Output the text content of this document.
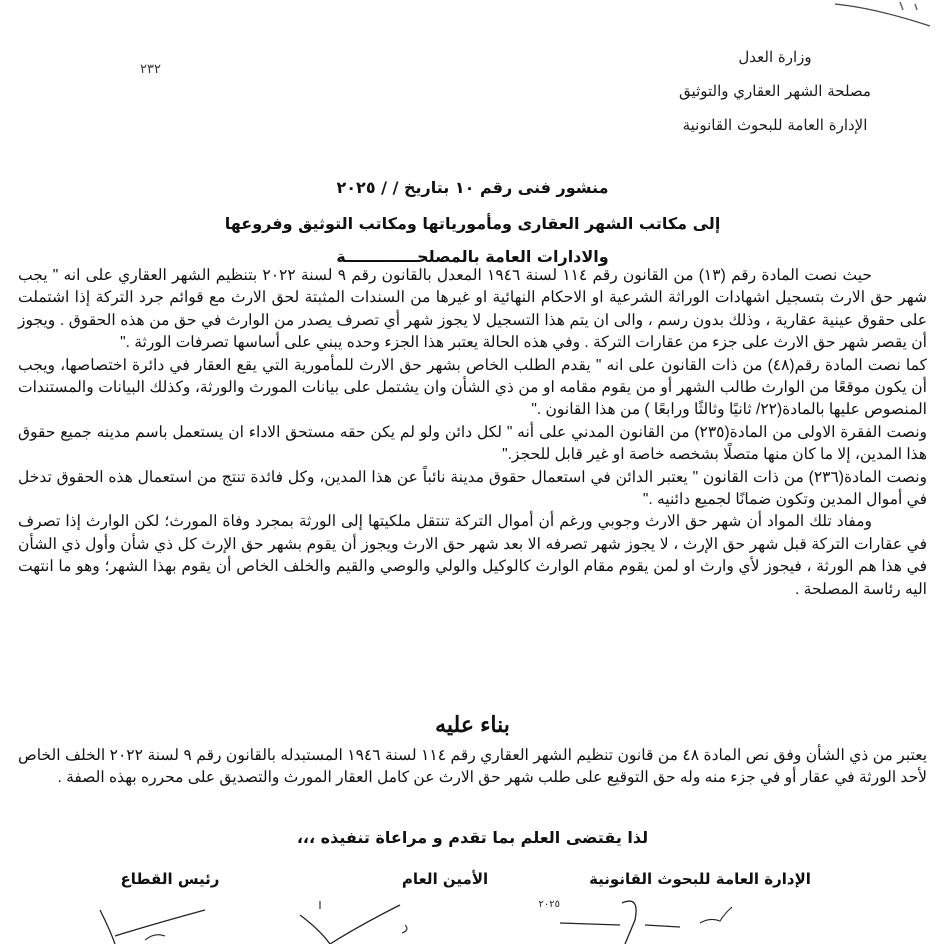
٢٣٢
وزارة العدل
مصلحة الشهر العقاري والتوثيق
الإدارة العامة للبحوث القانونية
منشور فنى رقم ١٠ بتاريخ / / ٢٠٢٥
إلى مكاتب الشهر العقارى ومأمورياتها ومكاتب التوثيق وفروعها
والادارات العامة بالمصلحـــــــــــــة

حيث نصت المادة رقم (١٣) من القانون رقم ١١٤ لسنة ١٩٤٦ المعدل بالقانون رقم ٩ لسنة ٢٠٢٢ بتنظيم الشهر العقاري على انه " يجب شهر حق الارث بتسجيل اشهادات الوراثة الشرعية او الاحكام النهائية او غيرها من السندات المثبتة لحق الارث مع قوائم جرد التركة إذا اشتملت على حقوق عينية عقارية ، وذلك بدون رسم ، والى ان يتم هذا التسجيل لا يجوز شهر أي تصرف يصدر من الوارث في حق من هذه الحقوق . ويجوز أن يقصر شهر حق الارث على جزء من عقارات التركة . وفي هذه الحالة يعتبر هذا الجزء وحده يبني على أساسها تصرفات الورثة ."

كما نصت المادة رقم(٤٨) من ذات القانون على انه " يقدم الطلب الخاص بشهر حق الارث للمأمورية التي يقع العقار في دائرة اختصاصها، ويجب أن يكون موقعًا من الوارث طالب الشهر أو من يقوم مقامه او من ذي الشأن وان يشتمل على بيانات المورث والورثة، وكذلك البيانات والمستندات المنصوص عليها بالمادة(٢٢/ ثانيًا وثالثًا ورابعًا ) من هذا القانون ."

ونصت الفقرة الاولى من المادة(٢٣٥) من القانون المدني على أنه " لكل دائن ولو لم يكن حقه مستحق الاداء ان يستعمل باسم مدينه جميع حقوق هذا المدين، إلا ما كان منها متصلًا بشخصه خاصة او غير قابل للحجز."

ونصت المادة(٢٣٦) من ذات القانون " يعتبر الدائن في استعمال حقوق مدينة نائباً عن هذا المدين، وكل فائدة تنتج من استعمال هذه الحقوق تدخل في أموال المدين وتكون ضمانًا لجميع دائنيه ."

ومفاد تلك المواد أن شهر حق الارث وجوبي ورغم أن أموال التركة تنتقل ملكيتها إلى الورثة بمجرد وفاة المورث؛ لكن الوارث إذا تصرف في عقارات التركة قبل شهر حق الإرث ، لا يجوز شهر تصرفه الا بعد شهر حق الارث ويجوز أن يقوم بشهر حق الإرث كل ذي شأن وأول ذي الشأن في هذا هم الورثة ، فيجوز لأي وارث او لمن يقوم مقام الوارث كالوكيل والولي والوصي والقيم والخلف الخاص أن يقوم بهذا الشهر؛ وهو ما انتهت اليه رئاسة المصلحة .

بناء عليه
يعتبر من ذي الشأن وفق نص المادة ٤٨ من قانون تنظيم الشهر العقاري رقم ١١٤ لسنة ١٩٤٦ المستبدله بالقانون رقم ٩ لسنة ٢٠٢٢ الخلف الخاص لأحد الورثة في عقار أو في جزء منه وله حق التوقيع على طلب شهر حق الارث عن كامل العقار المورث والتصديق على محرره بهذه الصفة .
لذا يقتضى العلم بما تقدم و مراعاة تنفيذه ،،،
الإدارة العامة للبحوث القانونية
الأمين العام
رئيس القطاع
٢٠٢٥
